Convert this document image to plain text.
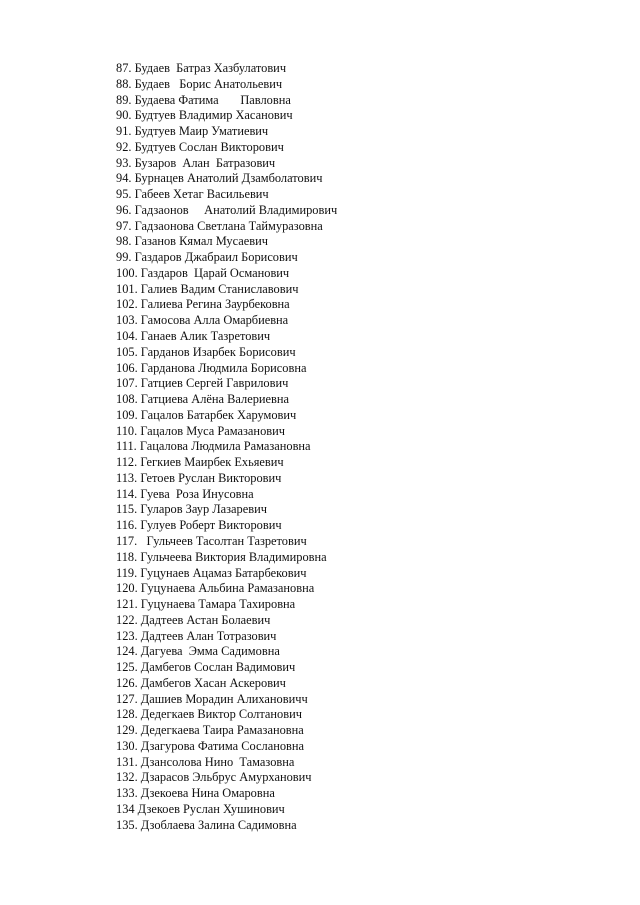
87. Будаев  Батраз Хазбулатович
88. Будаев   Борис Анатольевич
89. Будаева Фатима       Павловна
90. Будтуев Владимир Хасанович
91. Будтуев Маир Уматиевич
92. Будтуев Сослан Викторович
93. Бузаров  Алан  Батразович
94. Бурнацев Анатолий Дзамболатович
95. Габеев Хетаг Васильевич
96. Гадзаонов     Анатолий Владимирович
97. Гадзаонова Светлана Таймуразовна
98. Газанов Кямал Мусаевич
99. Газдаров Джабраил Борисович
100. Газдаров  Царай Османович
101. Галиев Вадим Станиславович
102. Галиева Регина Заурбековна
103. Гамосова Алла Омарбиевна
104. Ганаев Алик Тазретович
105. Гарданов Изарбек Борисович
106. Гарданова Людмила Борисовна
107. Гатциев Сергей Гаврилович
108. Гатциева Алёна Валериевна
109. Гацалов Батарбек Харумович
110. Гацалов Муса Рамазанович
111. Гацалова Людмила Рамазановна
112. Гегкиев Маирбек Ехьяевич
113. Гетоев Руслан Викторович
114. Гуева  Роза Инусовна
115. Гуларов Заур Лазаревич
116. Гулуев Роберт Викторович
117.   Гульчеев Тасолтан Тазретович
118. Гульчеева Виктория Владимировна
119. Гуцунаев Ацамаз Батарбекович
120. Гуцунаева Альбина Рамазановна
121. Гуцунаева Тамара Тахировна
122. Дадтеев Астан Болаевич
123. Дадтеев Алан Тотразович
124. Дагуева  Эмма Садимовна
125. Дамбегов Сослан Вадимович
126. Дамбегов Хасан Аскерович
127. Дашиев Морадин Алихановичч
128. Дедегкаев Виктор Солтанович
129. Дедегкаева Таира Рамазановна
130. Дзагурова Фатима Сослановна
131. Дзансолова Нино  Тамазовна
132. Дзарасов Эльбрус Амурханович
133. Дзекоева Нина Омаровна
134 Дзекоев Руслан Хушинович
135. Дзоблаева Залина Садимовна
